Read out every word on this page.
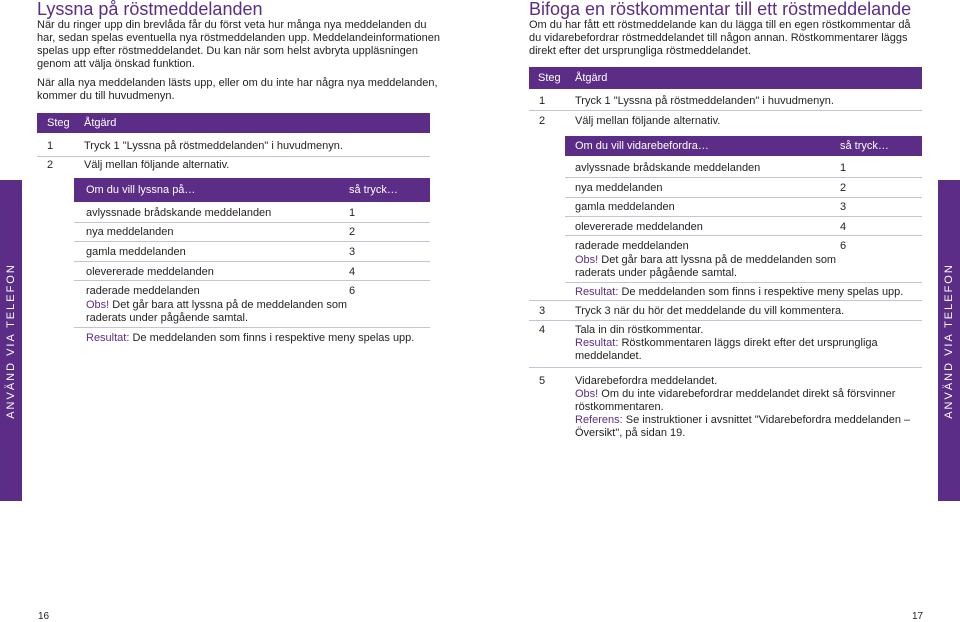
Lyssna på röstmeddelanden
När du ringer upp din brevlåda får du först veta hur många nya meddelanden du
har, sedan spelas eventuella nya röstmeddelanden upp. Meddelandeinformationen
spelas upp efter röstmeddelandet. Du kan när som helst avbryta uppläsningen
genom att välja önskad funktion.
När alla nya meddelanden lästs upp, eller om du inte har några nya meddelanden,
kommer du till huvudmenyn.
Steg Åtgärd
1	Tryck 1 "Lyssna på röstmeddelanden" i huvudmenyn.
2	Välj mellan följande alternativ.
Om du vill lyssna på…	så tryck…
avlyssnade brådskande meddelanden	1
nya meddelanden	2
gamla meddelanden	3
olevererade meddelanden	4
raderade meddelanden	6
Obs! Det går bara att lyssna på de meddelanden som
raderats under pågående samtal.
Resultat: De meddelanden som finns i respektive meny spelas upp.
Bifoga en röstkommentar till ett röstmeddelande
Om du har fått ett röstmeddelande kan du lägga till en egen röstkommentar då
du vidarebefordrar röstmeddelandet till någon annan. Röstkommentarer läggs
direkt efter det ursprungliga röstmeddelandet.
Steg Åtgärd
1	Tryck 1 "Lyssna på röstmeddelanden" i huvudmenyn.
2	Välj mellan följande alternativ.
Om du vill vidarebefordra…	så tryck…
avlyssnade brådskande meddelanden	1
nya meddelanden	2
gamla meddelanden	3
olevererade meddelanden	4
raderade meddelanden	6
Obs! Det går bara att lyssna på de meddelanden som
raderats under pågående samtal.
Resultat: De meddelanden som finns i respektive meny spelas upp.
3	Tryck 3 när du hör det meddelande du vill kommentera.
4	Tala in din röstkommentar.
Resultat: Röstkommentaren läggs direkt efter det ursprungliga
meddelandet.
5	Vidarebefordra meddelandet.
Obs! Om du inte vidarebefordrar meddelandet direkt så försvinner
röstkommentaren.
Referens: Se instruktioner i avsnittet "Vidarebefordra meddelanden –
Översikt", på sidan 19.
ANVÄND VIA TELEFON	ANVÄND VIA TELEFON
16	17
